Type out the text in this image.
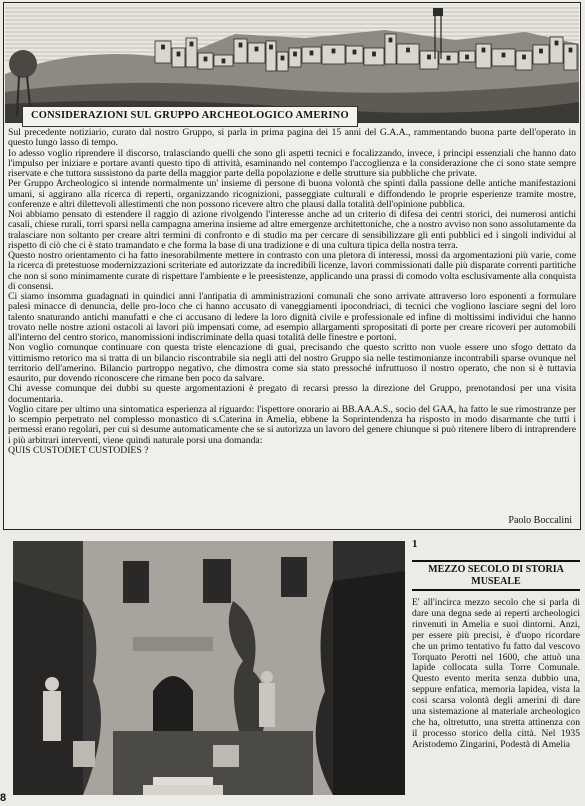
CONSIDERAZIONI SUL GRUPPO ARCHEOLOGICO AMERINO

Sul precedente notiziario, curato dal nostro Gruppo, si parla in prima pagina dei 15 anni del G.A.A., rammentando buona parte dell'operato in questo lungo lasso di tempo.

Io adesso voglio riprendere il discorso, tralasciando quelli che sono gli aspetti tecnici e focalizzando, invece, i principi essenziali che hanno dato l'impulso per iniziare e portare avanti questo tipo di attività, esaminando nel contempo l'accoglienza e la considerazione che ci sono state sempre riservate e che tuttora sussistono da parte della maggior parte della popolazione e delle strutture sia pubbliche che private.

Per Gruppo Archeologico si intende normalmente un' insieme di persone di buona volontà che spinti dalla passione delle antiche manifestazioni umani, si aggirano alla ricerca di reperti, organizzando ricognizioni, passeggiate culturali e diffondendo le proprie esperienze tramite mostre, conferenze e altri dilettevoli allestimenti che non possono ricevere altro che plausi dalla totalità dell'opinione pubblica.

Noi abbiamo pensato di estendere il raggio di azione rivolgendo l'interesse anche ad un criterio di difesa dei centri storici, dei numerosi antichi casali, chiese rurali, torri sparsi nella campagna amerina insieme ad altre emergenze architettoniche, che a nostro avviso non sono assolutamente da tralasciare non soltanto per creare altri termini di confronto e di studio ma per cercare di sensibilizzare gli enti pubblici ed i singoli individui al rispetto di ciò che ci è stato tramandato e che forma la base di una tradizione e di una cultura tipica della nostra terra.

Questo nostro orientamento ci ha fatto inesorabilmente mettere in contrasto con una pletora di interessi, mossi da argomentazioni più varie, come la ricerca di pretestuose modernizzazioni scriteriate ed autorizzate da incredibili licenze, lavori commissionati dalle più disparate correnti partitiche che non si sono minimamente curate di rispettare l'ambiente e le preesistenze, applicando una prassi di comodo volta esclusivamente alla conquista di consensi.

Ci siamo insomma guadagnati in quindici anni l'antipatia di amministrazioni comunali che sono arrivate attraverso loro esponenti a formulare palesi minacce di denuncia, delle pro-loco che ci hanno accusato di vaneggiamenti ipocondriaci, di tecnici che vogliono lasciare segni del loro talento snaturando antichi manufatti e che ci accusano di ledere la loro dignità civile e professionale ed infine di moltissimi individui che hanno trovato nelle nostre azioni ostacoli ai lavori più impensati come, ad esempio allargamenti spropositati di porte per creare ricoveri per automobili all'interno del centro storico, manomissioni indiscriminate della quasi totalità delle finestre e portoni.

Non voglio comunque continuare con questa triste elencazione di guai, precisando che questo scritto non vuole essere uno sfogo dettato da vittimismo retorico ma si tratta di un bilancio riscontrabile sia negli atti del nostro Gruppo sia nelle testimonianze incontrabili sparse ovunque nel territorio dell'amerino. Bilancio purtroppo negativo, che dimostra come sia stato pressoché infruttuoso il nostro operato, che non si è tuttavia esaurito, pur dovendo riconoscere che rimane ben poco da salvare.

Chi avesse comunque dei dubbi su queste argomentazioni è pregato di recarsi presso la direzione del Gruppo, prenotandosi per una visita documentaria.

Voglio citare per ultimo una sintomatica esperienza al riguardo: l'ispettore onorario ai BB.AA.A.S., socio del GAA, ha fatto le sue rimostranze per lo scempio perpetrato nel complesso monastico di s.Caterina in Amelia, ebbene la Soprintendenza ha risposto in modo disarmante che tutti i permessi erano regolari, per cui si desume automaticamente che se si autorizza un lavoro del genere chiunque si può ritenere libero di intraprendere i più arbitrari interventi, viene quindi naturale porsi una domanda:

QUIS CUSTODIET CUSTODIES ?

Paolo Boccalini
1
MEZZO SECOLO DI STORIA MUSEALE
E' all'incirca mezzo secolo che si parla di dare una degna sede ai reperti archeologici rinvenuti in Amelia e suoi dintorni. Anzi, per essere più precisi, è d'uopo ricordare che un primo tentativo fu fatto dal vescovo Torquato Perotti nel 1600, che attuò una lapide collocata sulla Torre Comunale. Questo evento merita senza dubbio una, seppure enfatica, memoria lapidea, vista la cosi scarsa volontà degli amerini di dare una sistemazione al materiale archeologico che ha, oltretutto, una stretta attinenza con il processo storico della città. Nel 1935 Aristodemo Zingarini, Podestà di Amelia
8
